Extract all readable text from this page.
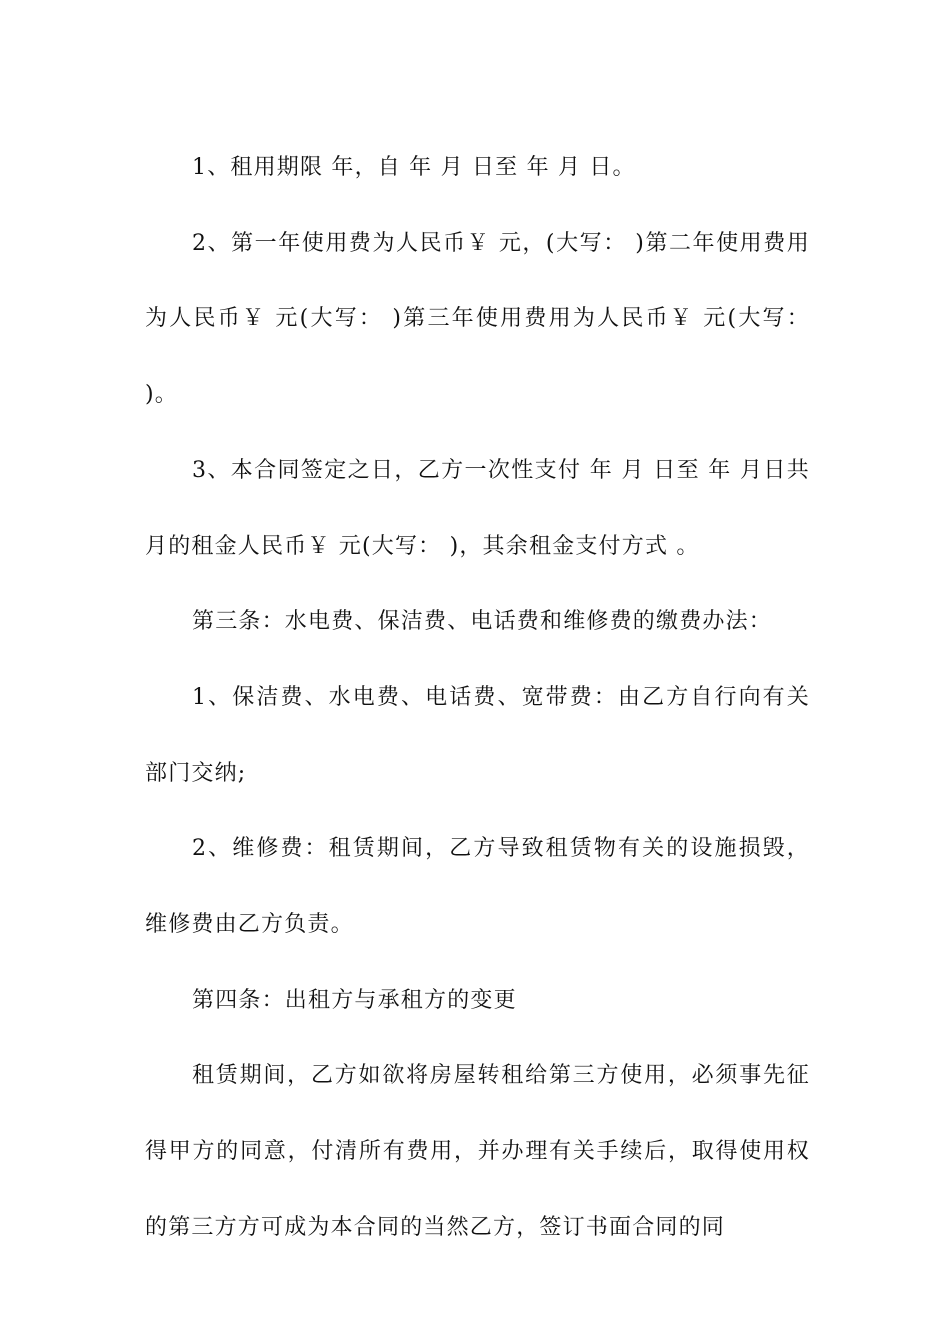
1、租用期限 年，自 年 月 日至 年 月 日。

2、第一年使用费为人民币￥ 元，(大写： )第二年使用费用为人民币￥ 元(大写： )第三年使用费用为人民币￥ 元(大写： )。

3、本合同签定之日，乙方一次性支付 年 月 日至 年 月日共 月的租金人民币￥ 元(大写： )，其余租金支付方式 。

第三条：水电费、保洁费、电话费和维修费的缴费办法：

1、保洁费、水电费、电话费、宽带费：由乙方自行向有关部门交纳;

2、维修费：租赁期间，乙方导致租赁物有关的设施损毁，维修费由乙方负责。

第四条：出租方与承租方的变更

租赁期间，乙方如欲将房屋转租给第三方使用，必须事先征得甲方的同意，付清所有费用，并办理有关手续后，取得使用权的第三方方可成为本合同的当然乙方，签订书面合同的同
